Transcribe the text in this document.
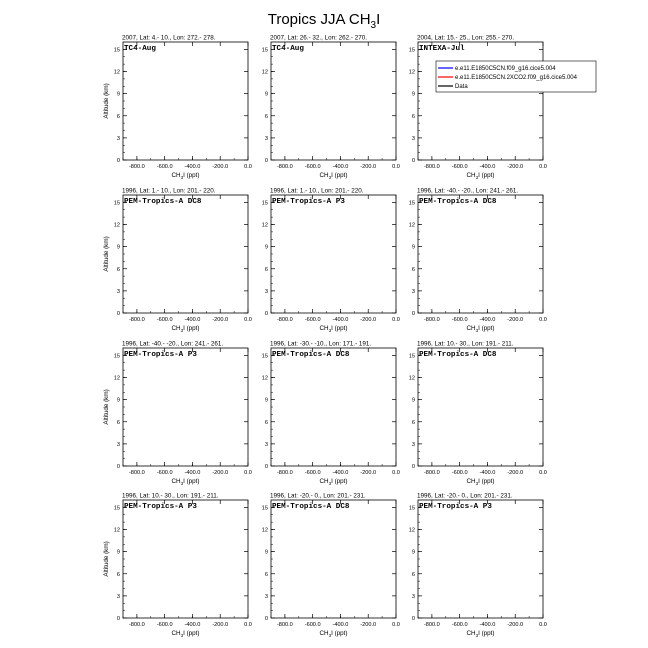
Tropics JJA $CH_3I$
2007, Lat: 4.- 10., Lon: 272.- 278.
TC4-Aug
-800.0 -600.0 -400.0 -200.0	0.0
0
3
6
9
12
15
$CH_3I$ (ppt)
Altitude (km)
2007, Lat: 26.- 32., Lon: 262.- 270.
TC4-Aug
-800.0 -600.0 -400.0 -200.0	0.0
0
3
6
9
12
15
$CH_3I$ (ppt)
2004, Lat: 15.- 25., Lon: 255.- 270.
INTEXA-Jul
-800.0 -600.0 -400.0 -200.0	0.0
0
3
6
9
12
15
$CH_3I$ (ppt)
1996, Lat: 1.- 10., Lon: 201.- 220.
PEM-Tropics-A DC8
-800.0 -600.0 -400.0 -200.0	0.0
0
3
6
9
12
15
$CH_3I$ (ppt)
Altitude (km)
1996, Lat: 1.- 10., Lon: 201.- 220.
PEM-Tropics-A P3
-800.0 -600.0 -400.0 -200.0	0.0
0
3
6
9
12
15
$CH_3I$ (ppt)
1996, Lat: -40.- -20., Lon: 241.- 261.
PEM-Tropics-A DC8
-800.0 -600.0 -400.0 -200.0	0.0
0
3
6
9
12
15
$CH_3I$ (ppt)
1996, Lat: -40.- -20., Lon: 241.- 261.
PEM-Tropics-A P3
-800.0 -600.0 -400.0 -200.0	0.0
0
3
6
9
12
15
$CH_3I$ (ppt)
Altitude (km)
1996, Lat: -30.- -10., Lon: 171.- 191.
PEM-Tropics-A DC8
-800.0 -600.0 -400.0 -200.0	0.0
0
3
6
9
12
15
$CH_3I$ (ppt)
1996, Lat: 10.- 30., Lon: 191.- 211.
PEM-Tropics-A DC8
-800.0 -600.0 -400.0 -200.0	0.0
0
3
6
9
12
15
$CH_3I$ (ppt)
1996, Lat: 10.- 30., Lon: 191.- 211.
PEM-Tropics-A P3
-800.0 -600.0 -400.0 -200.0	0.0
0
3
6
9
12
15
$CH_3I$ (ppt)
Altitude (km)
1996, Lat: -20.- 0., Lon: 201.- 231.
PEM-Tropics-A DC8
-800.0 -600.0 -400.0 -200.0	0.0
0
3
6
9
12
15
$CH_3I$ (ppt)
1996, Lat: -20.- 0., Lon: 201.- 231.
PEM-Tropics-A P3
-800.0 -600.0 -400.0 -200.0	0.0
0
3
6
9
12
15
$CH_3I$ (ppt)
e.e11.E1850C5CN.f09_g16.cice5.004
e.e11.E1850C5CN.2XCO2.f09_g16.cice5.004
Data
